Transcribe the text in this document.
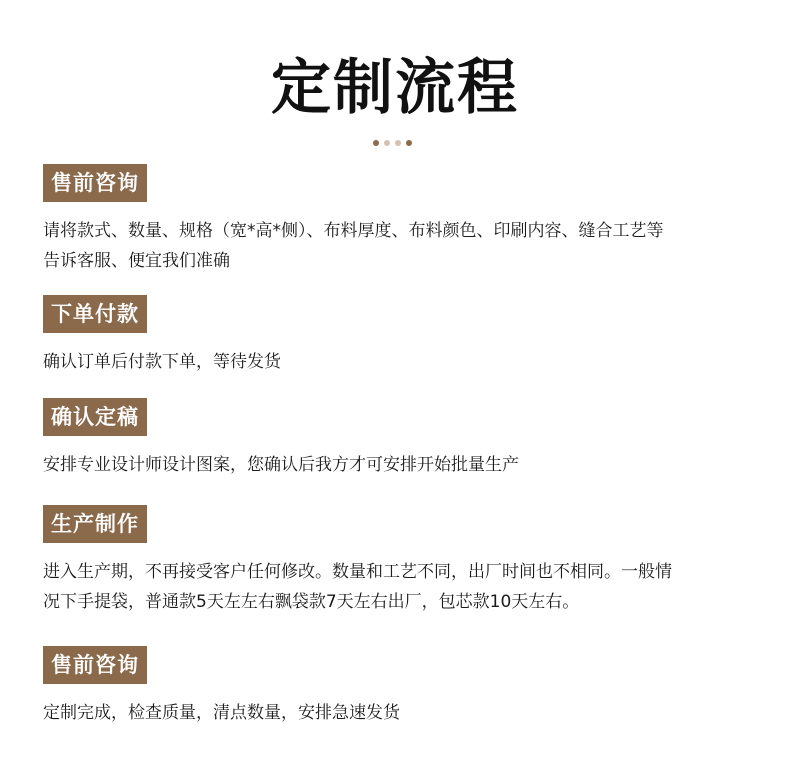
定制流程
售前咨询
请将款式、数量、规格（宽*高*侧）、布料厚度、布料颜色、印刷内容、缝合工艺等
告诉客服、便宜我们准确
下单付款
确认订单后付款下单，等待发货
确认定稿
安排专业设计师设计图案，您确认后我方才可安排开始批量生产
生产制作
进入生产期，不再接受客户任何修改。数量和工艺不同，出厂时间也不相同。一般情
况下手提袋，普通款5天左左右飘袋款7天左右出厂，包芯款10天左右。
售前咨询
定制完成，检查质量，清点数量，安排急速发货
